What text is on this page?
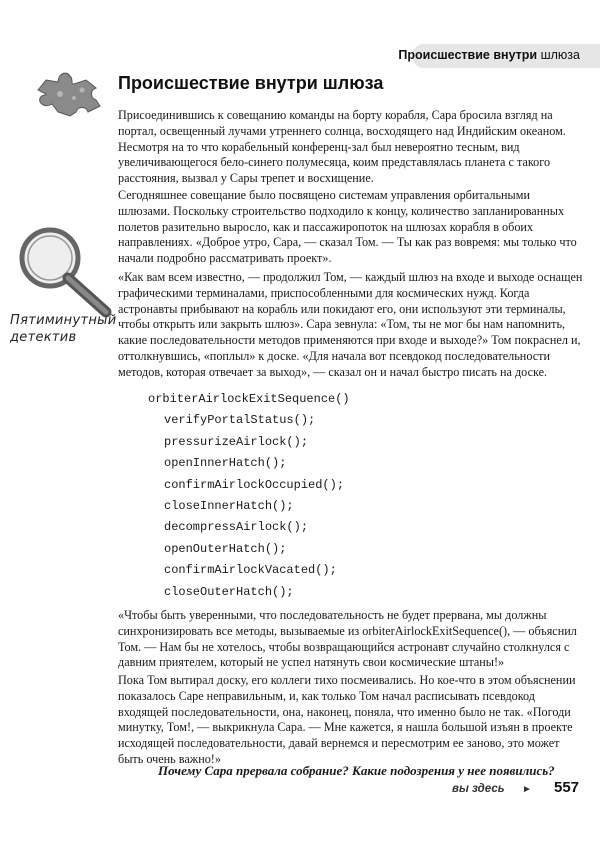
Происшествие внутри шлюза
Происшествие внутри шлюза
Пятиминутный
детектив

Присоединившись к совещанию команды на борту корабля, Сара бросила взгляд на портал, освещенный лучами утреннего солнца, восходящего над Индийским океаном. Несмотря на то что корабельный конференц-зал был невероятно тесным, вид увеличивающегося бело-синего полумесяца, коим представлялась планета с такого расстояния, вызвал у Сары трепет и восхищение.

Сегодняшнее совещание было посвящено системам управления орбитальными шлюзами. Поскольку строительство подходило к концу, количество запланированных полетов разительно выросло, как и пассажиропоток на шлюзах корабля в обоих направлениях. «Доброе утро, Сара, — сказал Том. — Ты как раз вовремя: мы только что начали подробно рассматривать проект».

«Как вам всем известно, — продолжил Том, — каждый шлюз на входе и выходе оснащен графическими терминалами, приспособленными для космических нужд. Когда астронавты прибывают на корабль или покидают его, они используют эти терминалы, чтобы открыть или закрыть шлюз». Сара зевнула: «Том, ты не мог бы нам напомнить, какие последовательности методов применяются при входе и выходе?» Том покраснел и, оттолкнувшись, «поплыл» к доске. «Для начала вот псевдокод последовательности методов, которая отвечает за выход», — сказал он и начал быстро писать на доске.

orbiterAirlockExitSequence()
verifyPortalStatus();
pressurizeAirlock();
openInnerHatch();
confirmAirlockOccupied();
closeInnerHatch();
decompressAirlock();
openOuterHatch();
confirmAirlockVacated();
closeOuterHatch();

«Чтобы быть уверенными, что последовательность не будет прервана, мы должны синхронизировать все методы, вызываемые из orbiterAirlockExitSequence(), — объяснил Том. — Нам бы не хотелось, чтобы возвращающийся астронавт случайно столкнулся с давним приятелем, который не успел натянуть свои космические штаны!»

Пока Том вытирал доску, его коллеги тихо посмеивались. Но кое-что в этом объяснении показалось Саре неправильным, и, как только Том начал расписывать псевдокод входящей последовательности, она, наконец, поняла, что именно было не так. «Погоди минутку, Том!, — выкрикнула Сара. — Мне кажется, я нашла большой изъян в проекте исходящей последовательности, давай вернемся и пересмотрим ее заново, это может быть очень важно!»

Почему Сара прервала собрание? Какие подозрения у нее появились?
вы здесь ► 557
